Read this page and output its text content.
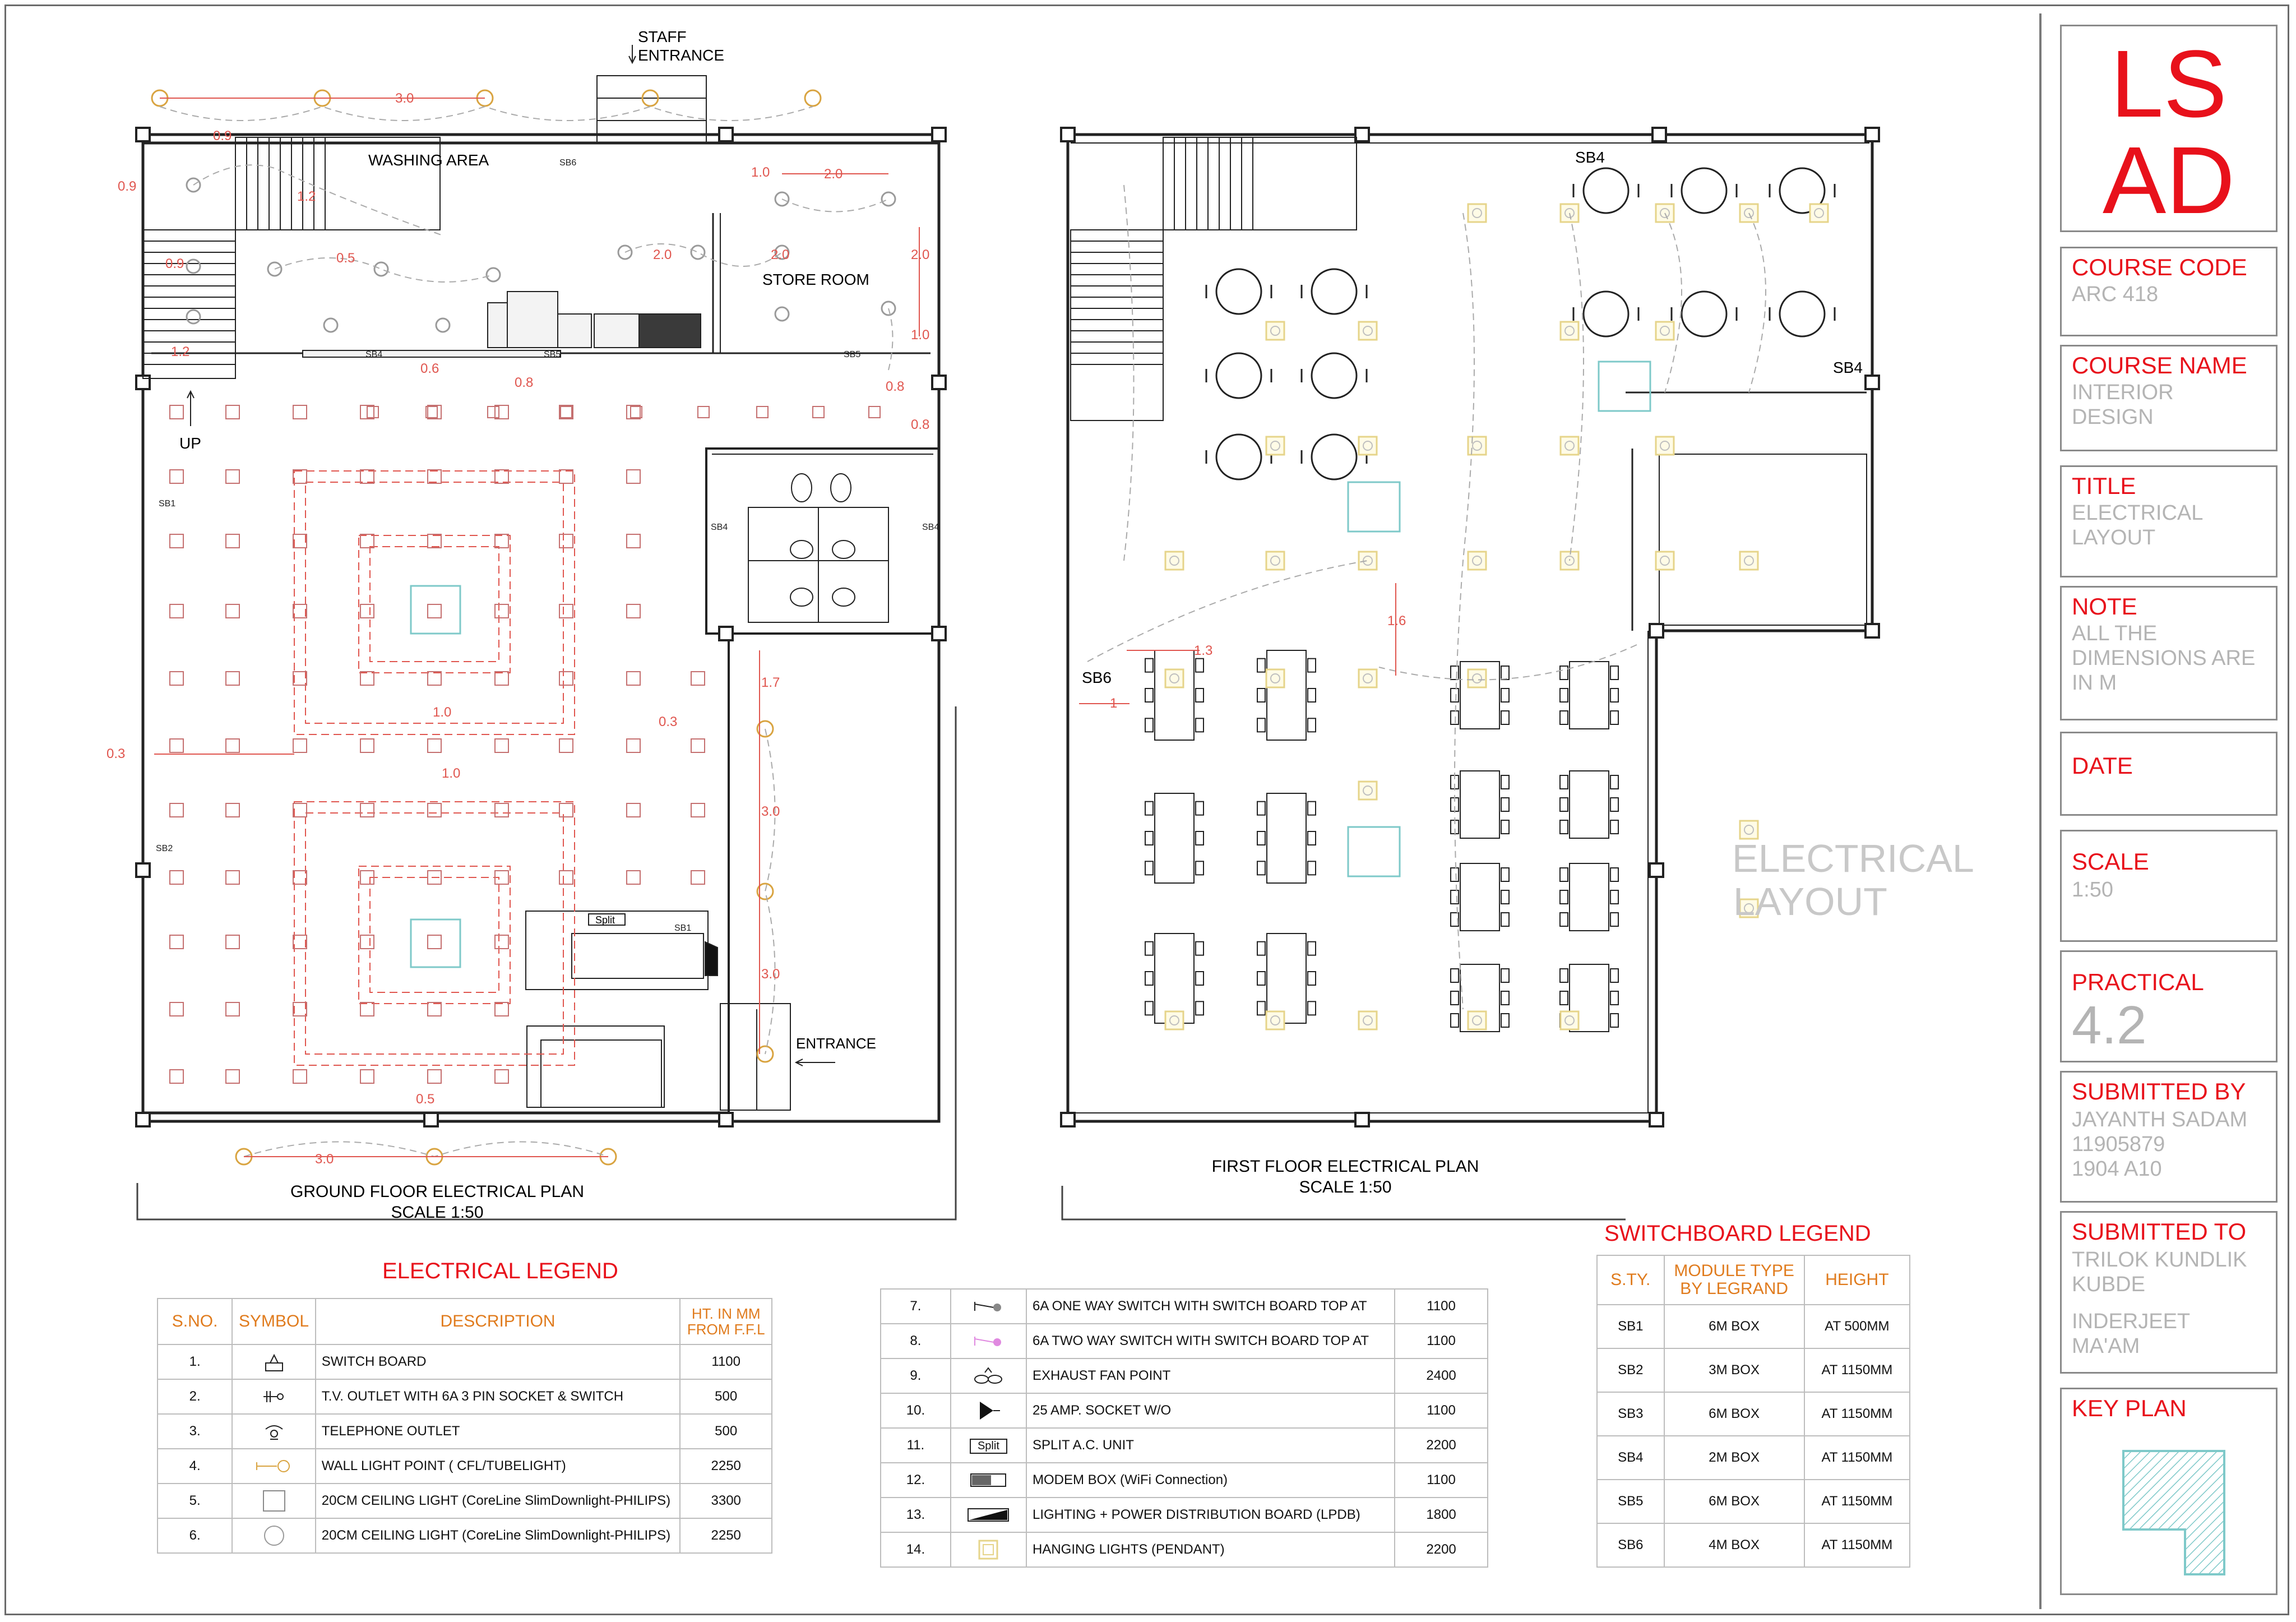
LS
AD
COURSE CODE
ARC 418
COURSE NAME
INTERIOR
DESIGN
TITLE
ELECTRICAL
LAYOUT
NOTE
ALL THE
DIMENSIONS ARE
IN M
DATE
SCALE
1:50
PRACTICAL
4.2
SUBMITTED BY
JAYANTH SADAM
11905879
1904 A10
SUBMITTED TO
TRILOK KUNDLIK
KUBDE
INDERJEET
MA'AM
KEY PLAN
STAFF
ENTRANCE
WASHING AREA
STORE ROOM
UP
ENTRANCE
Split
3.0
0.9
0.9
1.2
0.5
0.9
1.2
0.6
0.8
1.0	2.0
2.0	2.0	2.0
1.0
0.8
0.8
1.7
0.3
0.3
1.0
1.0
3.0
3.0
0.5
3.0
SB1
SB2
SB4
SB4	SB4
SB5	SB5
SB6
SB1
GROUND FLOOR ELECTRICAL PLAN
SCALE 1:50
SB4
SB4
SB6
1.3
1.6
1
ELECTRICAL
LAYOUT
FIRST FLOOR ELECTRICAL PLAN
SCALE 1:50
ELECTRICAL LEGEND
S.NO.	SYMBOL	DESCRIPTION	HT. IN MM
FROM F.F.L
1.		SWITCH BOARD	1100
2.		T.V. OUTLET WITH 6A 3 PIN SOCKET & SWITCH	500
3.		TELEPHONE OUTLET	500
4.		WALL LIGHT POINT ( CFL/TUBELIGHT)	2250
5.		20CM CEILING LIGHT (CoreLine SlimDownlight-PHILIPS)	3300
6.		20CM CEILING LIGHT (CoreLine SlimDownlight-PHILIPS)	2250
7.		6A ONE WAY SWITCH WITH SWITCH BOARD TOP AT	1100
8.		6A TWO WAY SWITCH WITH SWITCH BOARD TOP AT	1100
9.		EXHAUST FAN POINT	2400
10.		25 AMP. SOCKET W/O	1100
11.	Split	SPLIT A.C. UNIT	2200
12.		MODEM BOX (WiFi Connection)	1100
13.		LIGHTING + POWER DISTRIBUTION BOARD (LPDB)	1800
14.		HANGING LIGHTS (PENDANT)	2200
SWITCHBOARD LEGEND
S.TY.	MODULE TYPE
BY LEGRAND	HEIGHT
SB1	6M BOX	AT 500MM
SB2	3M BOX	AT 1150MM
SB3	6M BOX	AT 1150MM
SB4	2M BOX	AT 1150MM
SB5	6M BOX	AT 1150MM
SB6	4M BOX	AT 1150MM
